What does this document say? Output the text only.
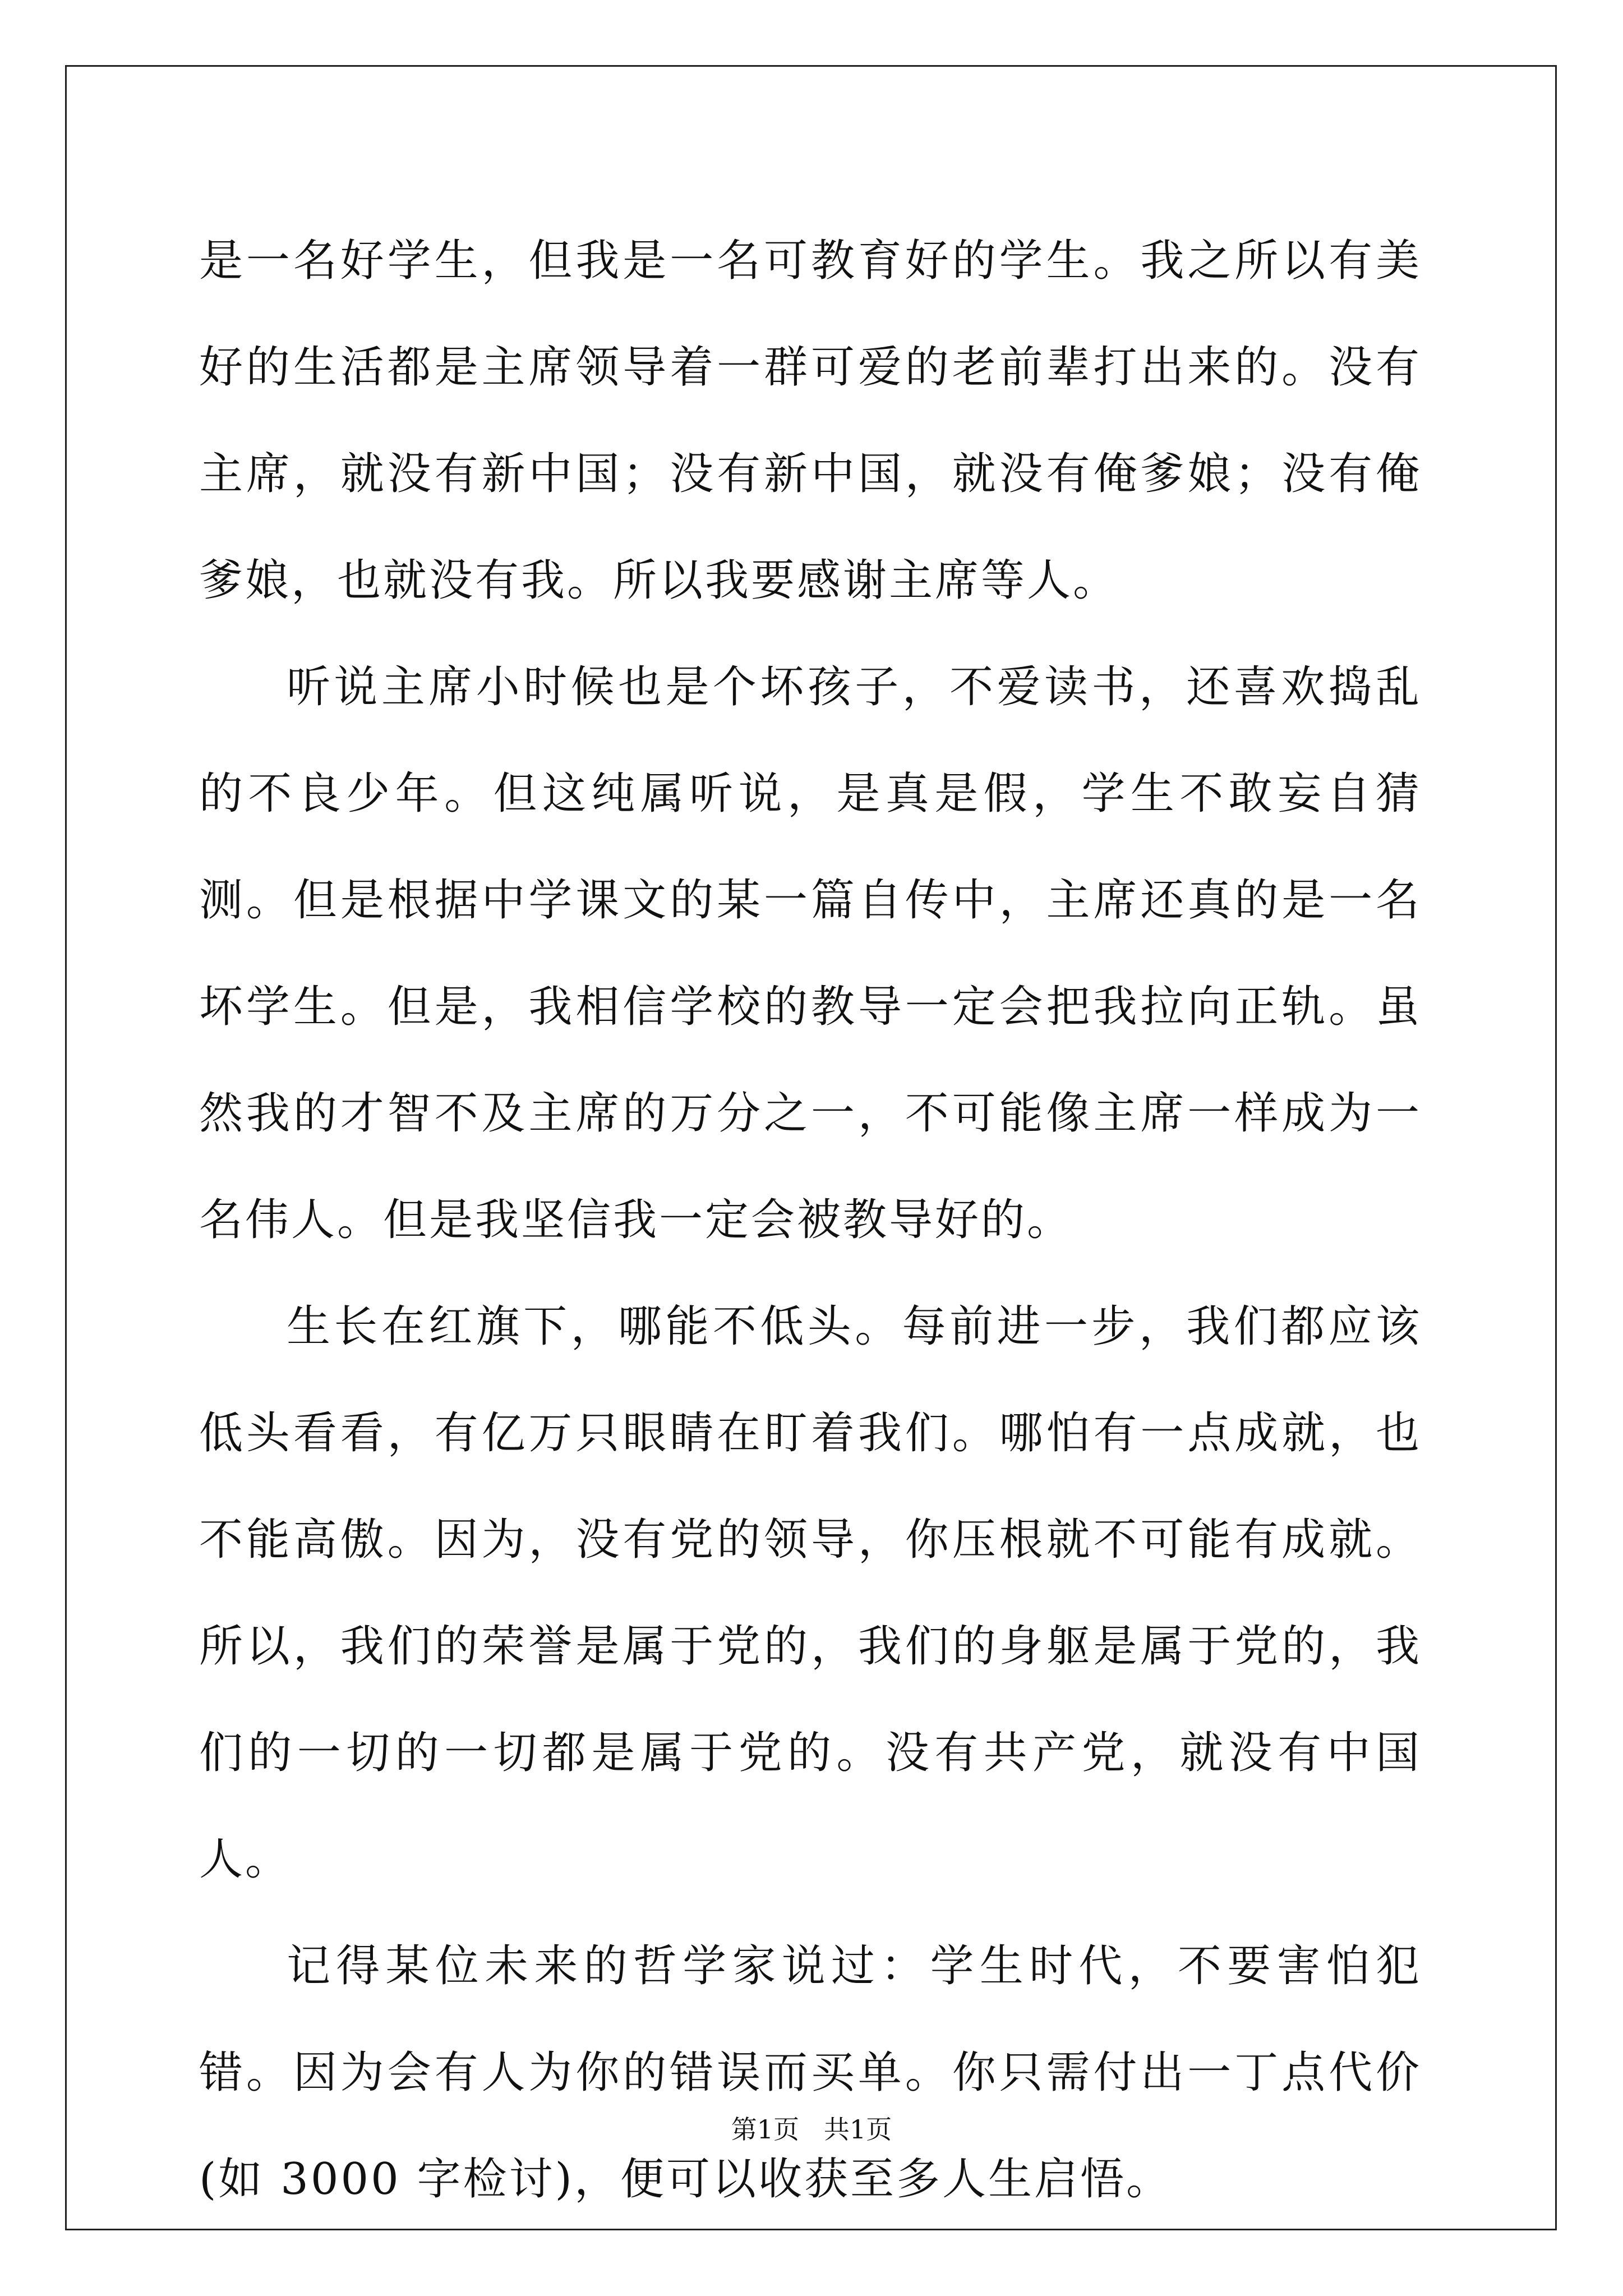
是一名好学生，但我是一名可教育好的学生。我之所以有美好的生活都是主席领导着一群可爱的老前辈打出来的。没有主席，就没有新中国；没有新中国，就没有俺爹娘；没有俺爹娘，也就没有我。所以我要感谢主席等人。

听说主席小时候也是个坏孩子，不爱读书，还喜欢捣乱的不良少年。但这纯属听说，是真是假，学生不敢妄自猜测。但是根据中学课文的某一篇自传中，主席还真的是一名坏学生。但是，我相信学校的教导一定会把我拉向正轨。虽然我的才智不及主席的万分之一，不可能像主席一样成为一名伟人。但是我坚信我一定会被教导好的。

生长在红旗下，哪能不低头。每前进一步，我们都应该低头看看，有亿万只眼睛在盯着我们。哪怕有一点成就，也不能高傲。因为，没有党的领导，你压根就不可能有成就。所以，我们的荣誉是属于党的，我们的身躯是属于党的，我们的一切的一切都是属于党的。没有共产党，就没有中国人。

记得某位未来的哲学家说过：学生时代，不要害怕犯错。因为会有人为你的错误而买单。你只需付出一丁点代价(如 3000 字检讨)，便可以收获至多人生启悟。

第1页   共1页
